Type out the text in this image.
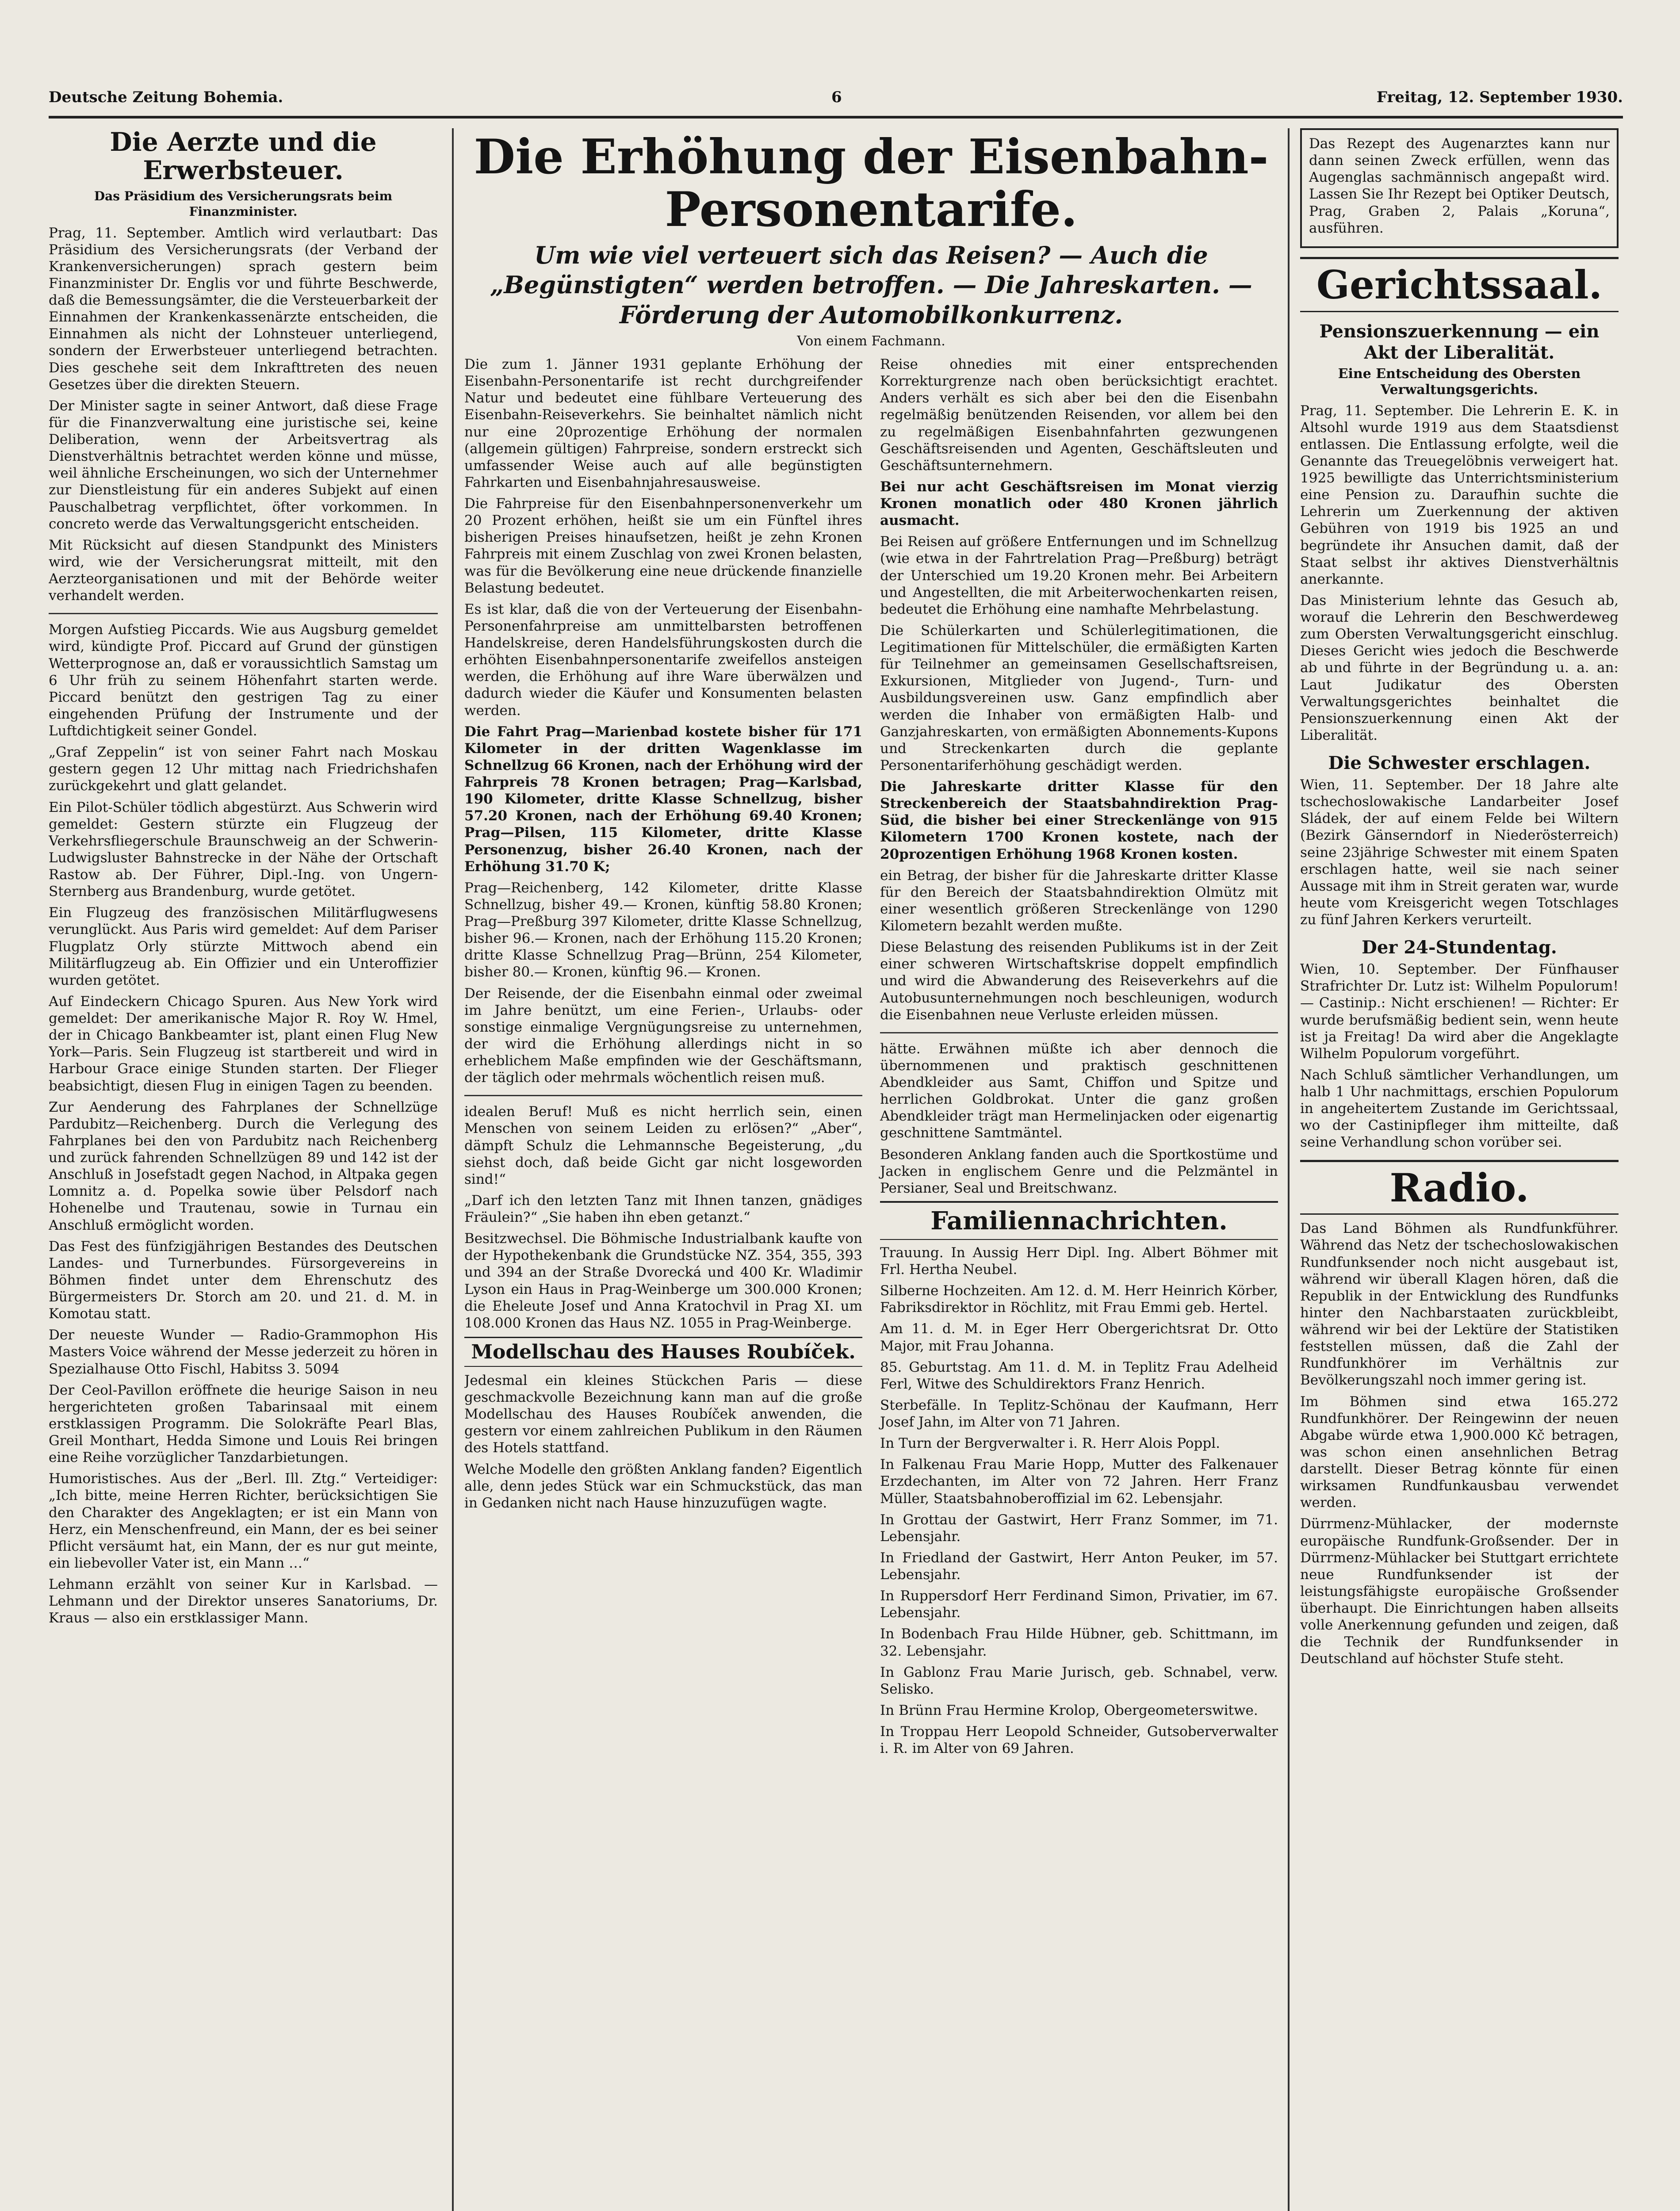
Deutsche Zeitung Bohemia.	6	Freitag, 12. September 1930.
Die Aerzte und die Erwerbsteuer.
Das Präsidium des Versicherungsrats beim Finanzminister.

Prag, 11. September. Amtlich wird verlautbart: Das Präsidium des Versicherungsrats (der Verband der Krankenversicherungen) sprach gestern beim Finanzminister Dr. Englis vor und führte Beschwerde, daß die Bemessungsämter, die die Versteuerbarkeit der Einnahmen der Krankenkassenärzte entscheiden, die Einnahmen als nicht der Lohnsteuer unterliegend, sondern der Erwerbsteuer unterliegend betrachten. Dies geschehe seit dem Inkrafttreten des neuen Gesetzes über die direkten Steuern.

Der Minister sagte in seiner Antwort, daß diese Frage für die Finanzverwaltung eine juristische sei, keine Deliberation, wenn der Arbeitsvertrag als Dienstverhältnis betrachtet werden könne und müsse, weil ähnliche Erscheinungen, wo sich der Unternehmer zur Dienstleistung für ein anderes Subjekt auf einen Pauschalbetrag verpflichtet, öfter vorkommen. In concreto werde das Verwaltungsgericht entscheiden.

Mit Rücksicht auf diesen Standpunkt des Ministers wird, wie der Versicherungsrat mitteilt, mit den Aerzteorganisationen und mit der Behörde weiter verhandelt werden.

Morgen Aufstieg Piccards. Wie aus Augsburg gemeldet wird, kündigte Prof. Piccard auf Grund der günstigen Wetterprognose an, daß er voraussichtlich Samstag um 6 Uhr früh zu seinem Höhenfahrt starten werde. Piccard benützt den gestrigen Tag zu einer eingehenden Prüfung der Instrumente und der Luftdichtigkeit seiner Gondel.

„Graf Zeppelin“ ist von seiner Fahrt nach Moskau gestern gegen 12 Uhr mittag nach Friedrichshafen zurückgekehrt und glatt gelandet.

Ein Pilot-Schüler tödlich abgestürzt. Aus Schwerin wird gemeldet: Gestern stürzte ein Flugzeug der Verkehrsfliegerschule Braunschweig an der Schwerin-Ludwigsluster Bahnstrecke in der Nähe der Ortschaft Rastow ab. Der Führer, Dipl.-Ing. von Ungern-Sternberg aus Brandenburg, wurde getötet.

Ein Flugzeug des französischen Militärflugwesens verunglückt. Aus Paris wird gemeldet: Auf dem Pariser Flugplatz Orly stürzte Mittwoch abend ein Militärflugzeug ab. Ein Offizier und ein Unteroffizier wurden getötet.

Auf Eindeckern Chicago Spuren. Aus New York wird gemeldet: Der amerikanische Major R. Roy W. Hmel, der in Chicago Bankbeamter ist, plant einen Flug New York—Paris. Sein Flugzeug ist startbereit und wird in Harbour Grace einige Stunden starten. Der Flieger beabsichtigt, diesen Flug in einigen Tagen zu beenden.

Zur Aenderung des Fahrplanes der Schnellzüge Pardubitz—Reichenberg. Durch die Verlegung des Fahrplanes bei den von Pardubitz nach Reichenberg und zurück fahrenden Schnellzügen 89 und 142 ist der Anschluß in Josefstadt gegen Nachod, in Altpaka gegen Lomnitz a. d. Popelka sowie über Pelsdorf nach Hohenelbe und Trautenau, sowie in Turnau ein Anschluß ermöglicht worden.

Das Fest des fünfzigjährigen Bestandes des Deutschen Landes- und Turnerbundes. Fürsorgevereins in Böhmen findet unter dem Ehrenschutz des Bürgermeisters Dr. Storch am 20. und 21. d. M. in Komotau statt.

Der neueste Wunder — Radio-Grammophon His Masters Voice während der Messe jederzeit zu hören in Spezialhause Otto Fischl, Habitss 3. 5094

Der Ceol-Pavillon eröffnete die heurige Saison in neu hergerichteten großen Tabarinsaal mit einem erstklassigen Programm. Die Solokräfte Pearl Blas, Greil Monthart, Hedda Simone und Louis Rei bringen eine Reihe vorzüglicher Tanzdarbietungen.

Humoristisches. Aus der „Berl. Ill. Ztg.“ Verteidiger: „Ich bitte, meine Herren Richter, berücksichtigen Sie den Charakter des Angeklagten; er ist ein Mann von Herz, ein Menschenfreund, ein Mann, der es bei seiner Pflicht versäumt hat, ein Mann, der es nur gut meinte, ein liebevoller Vater ist, ein Mann …“

Lehmann erzählt von seiner Kur in Karlsbad. — Lehmann und der Direktor unseres Sanatoriums, Dr. Kraus — also ein erstklassiger Mann.

Die Erhöhung der Eisenbahn-Personentarife.
Um wie viel verteuert sich das Reisen? — Auch die „Begünstigten“ werden betroffen. — Die Jahreskarten. — Förderung der Automobilkonkurrenz.
Von einem Fachmann.

Die zum 1. Jänner 1931 geplante Erhöhung der Eisenbahn-Personentarife ist recht durchgreifender Natur und bedeutet eine fühlbare Verteuerung des Eisenbahn-Reiseverkehrs. Sie beinhaltet nämlich nicht nur eine 20prozentige Erhöhung der normalen (allgemein gültigen) Fahrpreise, sondern erstreckt sich umfassender Weise auch auf alle begünstigten Fahrkarten und Eisenbahnjahresausweise.

Die Fahrpreise für den Eisenbahnpersonenverkehr um 20 Prozent erhöhen, heißt sie um ein Fünftel ihres bisherigen Preises hinaufsetzen, heißt je zehn Kronen Fahrpreis mit einem Zuschlag von zwei Kronen belasten, was für die Bevölkerung eine neue drückende finanzielle Belastung bedeutet.

Es ist klar, daß die von der Verteuerung der Eisenbahn-Personenfahrpreise am unmittelbarsten betroffenen Handelskreise, deren Handelsführungskosten durch die erhöhten Eisenbahnpersonentarife zweifellos ansteigen werden, die Erhöhung auf ihre Ware überwälzen und dadurch wieder die Käufer und Konsumenten belasten werden.

Die Fahrt Prag—Marienbad kostete bisher für 171 Kilometer in der dritten Wagenklasse im Schnellzug 66 Kronen, nach der Erhöhung wird der Fahrpreis 78 Kronen betragen; Prag—Karlsbad, 190 Kilometer, dritte Klasse Schnellzug, bisher 57.20 Kronen, nach der Erhöhung 69.40 Kronen; Prag—Pilsen, 115 Kilometer, dritte Klasse Personenzug, bisher 26.40 Kronen, nach der Erhöhung 31.70 K;

Prag—Reichenberg, 142 Kilometer, dritte Klasse Schnellzug, bisher 49.— Kronen, künftig 58.80 Kronen; Prag—Preßburg 397 Kilometer, dritte Klasse Schnellzug, bisher 96.— Kronen, nach der Erhöhung 115.20 Kronen; dritte Klasse Schnellzug Prag—Brünn, 254 Kilometer, bisher 80.— Kronen, künftig 96.— Kronen.

Der Reisende, der die Eisenbahn einmal oder zweimal im Jahre benützt, um eine Ferien-, Urlaubs- oder sonstige einmalige Vergnügungsreise zu unternehmen, der wird die Erhöhung allerdings nicht in so erheblichem Maße empfinden wie der Geschäftsmann, der täglich oder mehrmals wöchentlich reisen muß.

idealen Beruf! Muß es nicht herrlich sein, einen Menschen von seinem Leiden zu erlösen?“ „Aber“, dämpft Schulz die Lehmannsche Begeisterung, „du siehst doch, daß beide Gicht gar nicht losgeworden sind!“

„Darf ich den letzten Tanz mit Ihnen tanzen, gnädiges Fräulein?“ „Sie haben ihn eben getanzt.“

Besitzwechsel. Die Böhmische Industrialbank kaufte von der Hypothekenbank die Grundstücke NZ. 354, 355, 393 und 394 an der Straße Dvorecká und 400 Kr. Wladimir Lyson ein Haus in Prag-Weinberge um 300.000 Kronen; die Eheleute Josef und Anna Kratochvil in Prag XI. um 108.000 Kronen das Haus NZ. 1055 in Prag-Weinberge.

Modellschau des Hauses Roubíček.

Jedesmal ein kleines Stückchen Paris — diese geschmackvolle Bezeichnung kann man auf die große Modellschau des Hauses Roubíček anwenden, die gestern vor einem zahlreichen Publikum in den Räumen des Hotels stattfand.

Welche Modelle den größten Anklang fanden? Eigentlich alle, denn jedes Stück war ein Schmuckstück, das man in Gedanken nicht nach Hause hinzuzufügen wagte.

Reise ohnedies mit einer entsprechenden Korrekturgrenze nach oben berücksichtigt erachtet. Anders verhält es sich aber bei den die Eisenbahn regelmäßig benützenden Reisenden, vor allem bei den zu regelmäßigen Eisenbahnfahrten gezwungenen Geschäftsreisenden und Agenten, Geschäftsleuten und Geschäftsunternehmern.

Bei nur acht Geschäftsreisen im Monat vierzig Kronen monatlich oder 480 Kronen jährlich ausmacht.

Bei Reisen auf größere Entfernungen und im Schnellzug (wie etwa in der Fahrtrelation Prag—Preßburg) beträgt der Unterschied um 19.20 Kronen mehr. Bei Arbeitern und Angestellten, die mit Arbeiterwochenkarten reisen, bedeutet die Erhöhung eine namhafte Mehrbelastung.

Die Schülerkarten und Schülerlegitimationen, die Legitimationen für Mittelschüler, die ermäßigten Karten für Teilnehmer an gemeinsamen Gesellschaftsreisen, Exkursionen, Mitglieder von Jugend-, Turn- und Ausbildungsvereinen usw. Ganz empfindlich aber werden die Inhaber von ermäßigten Halb- und Ganzjahreskarten, von ermäßigten Abonnements-Kupons und Streckenkarten durch die geplante Personentariferhöhung geschädigt werden.

Die Jahreskarte dritter Klasse für den Streckenbereich der Staatsbahndirektion Prag-Süd, die bisher bei einer Streckenlänge von 915 Kilometern 1700 Kronen kostete, nach der 20prozentigen Erhöhung 1968 Kronen kosten.

ein Betrag, der bisher für die Jahreskarte dritter Klasse für den Bereich der Staatsbahndirektion Olmütz mit einer wesentlich größeren Streckenlänge von 1290 Kilometern bezahlt werden mußte.

Diese Belastung des reisenden Publikums ist in der Zeit einer schweren Wirtschaftskrise doppelt empfindlich und wird die Abwanderung des Reiseverkehrs auf die Autobusunternehmungen noch beschleunigen, wodurch die Eisenbahnen neue Verluste erleiden müssen.

hätte. Erwähnen müßte ich aber dennoch die übernommenen und praktisch geschnittenen Abendkleider aus Samt, Chiffon und Spitze und herrlichen Goldbrokat. Unter die ganz großen Abendkleider trägt man Hermelinjacken oder eigenartig geschnittene Samtmäntel.

Besonderen Anklang fanden auch die Sportkostüme und Jacken in englischem Genre und die Pelzmäntel in Persianer, Seal und Breitschwanz.

Familiennachrichten.

Trauung. In Aussig Herr Dipl. Ing. Albert Böhmer mit Frl. Hertha Neubel.

Silberne Hochzeiten. Am 12. d. M. Herr Heinrich Körber, Fabriksdirektor in Röchlitz, mit Frau Emmi geb. Hertel.

Am 11. d. M. in Eger Herr Obergerichtsrat Dr. Otto Major, mit Frau Johanna.

85. Geburtstag. Am 11. d. M. in Teplitz Frau Adelheid Ferl, Witwe des Schuldirektors Franz Henrich.

Sterbefälle. In Teplitz-Schönau der Kaufmann, Herr Josef Jahn, im Alter von 71 Jahren.

In Turn der Bergverwalter i. R. Herr Alois Poppl.

In Falkenau Frau Marie Hopp, Mutter des Falkenauer Erzdechanten, im Alter von 72 Jahren. Herr Franz Müller, Staatsbahnoberoffizial im 62. Lebensjahr.

In Grottau der Gastwirt, Herr Franz Sommer, im 71. Lebensjahr.

In Friedland der Gastwirt, Herr Anton Peuker, im 57. Lebensjahr.

In Ruppersdorf Herr Ferdinand Simon, Privatier, im 67. Lebensjahr.

In Bodenbach Frau Hilde Hübner, geb. Schittmann, im 32. Lebensjahr.

In Gablonz Frau Marie Jurisch, geb. Schnabel, verw. Selisko.

In Brünn Frau Hermine Krolop, Obergeometerswitwe.

In Troppau Herr Leopold Schneider, Gutsoberverwalter i. R. im Alter von 69 Jahren.

Das Rezept des Augenarztes kann nur dann seinen Zweck erfüllen, wenn das Augenglas sachmännisch angepaßt wird. Lassen Sie Ihr Rezept bei Optiker Deutsch, Prag, Graben 2, Palais „Koruna“, ausführen.

Gerichtssaal.
Pensionszuerkennung — ein Akt der Liberalität.
Eine Entscheidung des Obersten Verwaltungsgerichts.

Prag, 11. September. Die Lehrerin E. K. in Altsohl wurde 1919 aus dem Staatsdienst entlassen. Die Entlassung erfolgte, weil die Genannte das Treuegelöbnis verweigert hat. 1925 bewilligte das Unterrichtsministerium eine Pension zu. Daraufhin suchte die Lehrerin um Zuerkennung der aktiven Gebühren von 1919 bis 1925 an und begründete ihr Ansuchen damit, daß der Staat selbst ihr aktives Dienstverhältnis anerkannte.

Das Ministerium lehnte das Gesuch ab, worauf die Lehrerin den Beschwerdeweg zum Obersten Verwaltungsgericht einschlug. Dieses Gericht wies jedoch die Beschwerde ab und führte in der Begründung u. a. an: Laut Judikatur des Obersten Verwaltungsgerichtes beinhaltet die Pensionszuerkennung einen Akt der Liberalität.

Die Schwester erschlagen.

Wien, 11. September. Der 18 Jahre alte tschechoslowakische Landarbeiter Josef Sládek, der auf einem Felde bei Wiltern (Bezirk Gänserndorf in Niederösterreich) seine 23jährige Schwester mit einem Spaten erschlagen hatte, weil sie nach seiner Aussage mit ihm in Streit geraten war, wurde heute vom Kreisgericht wegen Totschlages zu fünf Jahren Kerkers verurteilt.

Der 24-Stundentag.

Wien, 10. September. Der Fünfhauser Strafrichter Dr. Lutz ist: Wilhelm Populorum! — Castinip.: Nicht erschienen! — Richter: Er wurde berufsmäßig bedient sein, wenn heute ist ja Freitag! Da wird aber die Angeklagte Wilhelm Populorum vorgeführt.

Nach Schluß sämtlicher Verhandlungen, um halb 1 Uhr nachmittags, erschien Populorum in angeheitertem Zustande im Gerichtssaal, wo der Castinipfleger ihm mitteilte, daß seine Verhandlung schon vorüber sei.

Radio.

Das Land Böhmen als Rundfunkführer. Während das Netz der tschechoslowakischen Rundfunksender noch nicht ausgebaut ist, während wir überall Klagen hören, daß die Republik in der Entwicklung des Rundfunks hinter den Nachbarstaaten zurückbleibt, während wir bei der Lektüre der Statistiken feststellen müssen, daß die Zahl der Rundfunkhörer im Verhältnis zur Bevölkerungszahl noch immer gering ist.

Im Böhmen sind etwa 165.272 Rundfunkhörer. Der Reingewinn der neuen Abgabe würde etwa 1,900.000 Kč betragen, was schon einen ansehnlichen Betrag darstellt. Dieser Betrag könnte für einen wirksamen Rundfunkausbau verwendet werden.

Dürrmenz-Mühlacker, der modernste europäische Rundfunk-Großsender. Der in Dürrmenz-Mühlacker bei Stuttgart errichtete neue Rundfunksender ist der leistungsfähigste europäische Großsender überhaupt. Die Einrichtungen haben allseits volle Anerkennung gefunden und zeigen, daß die Technik der Rundfunksender in Deutschland auf höchster Stufe steht.
